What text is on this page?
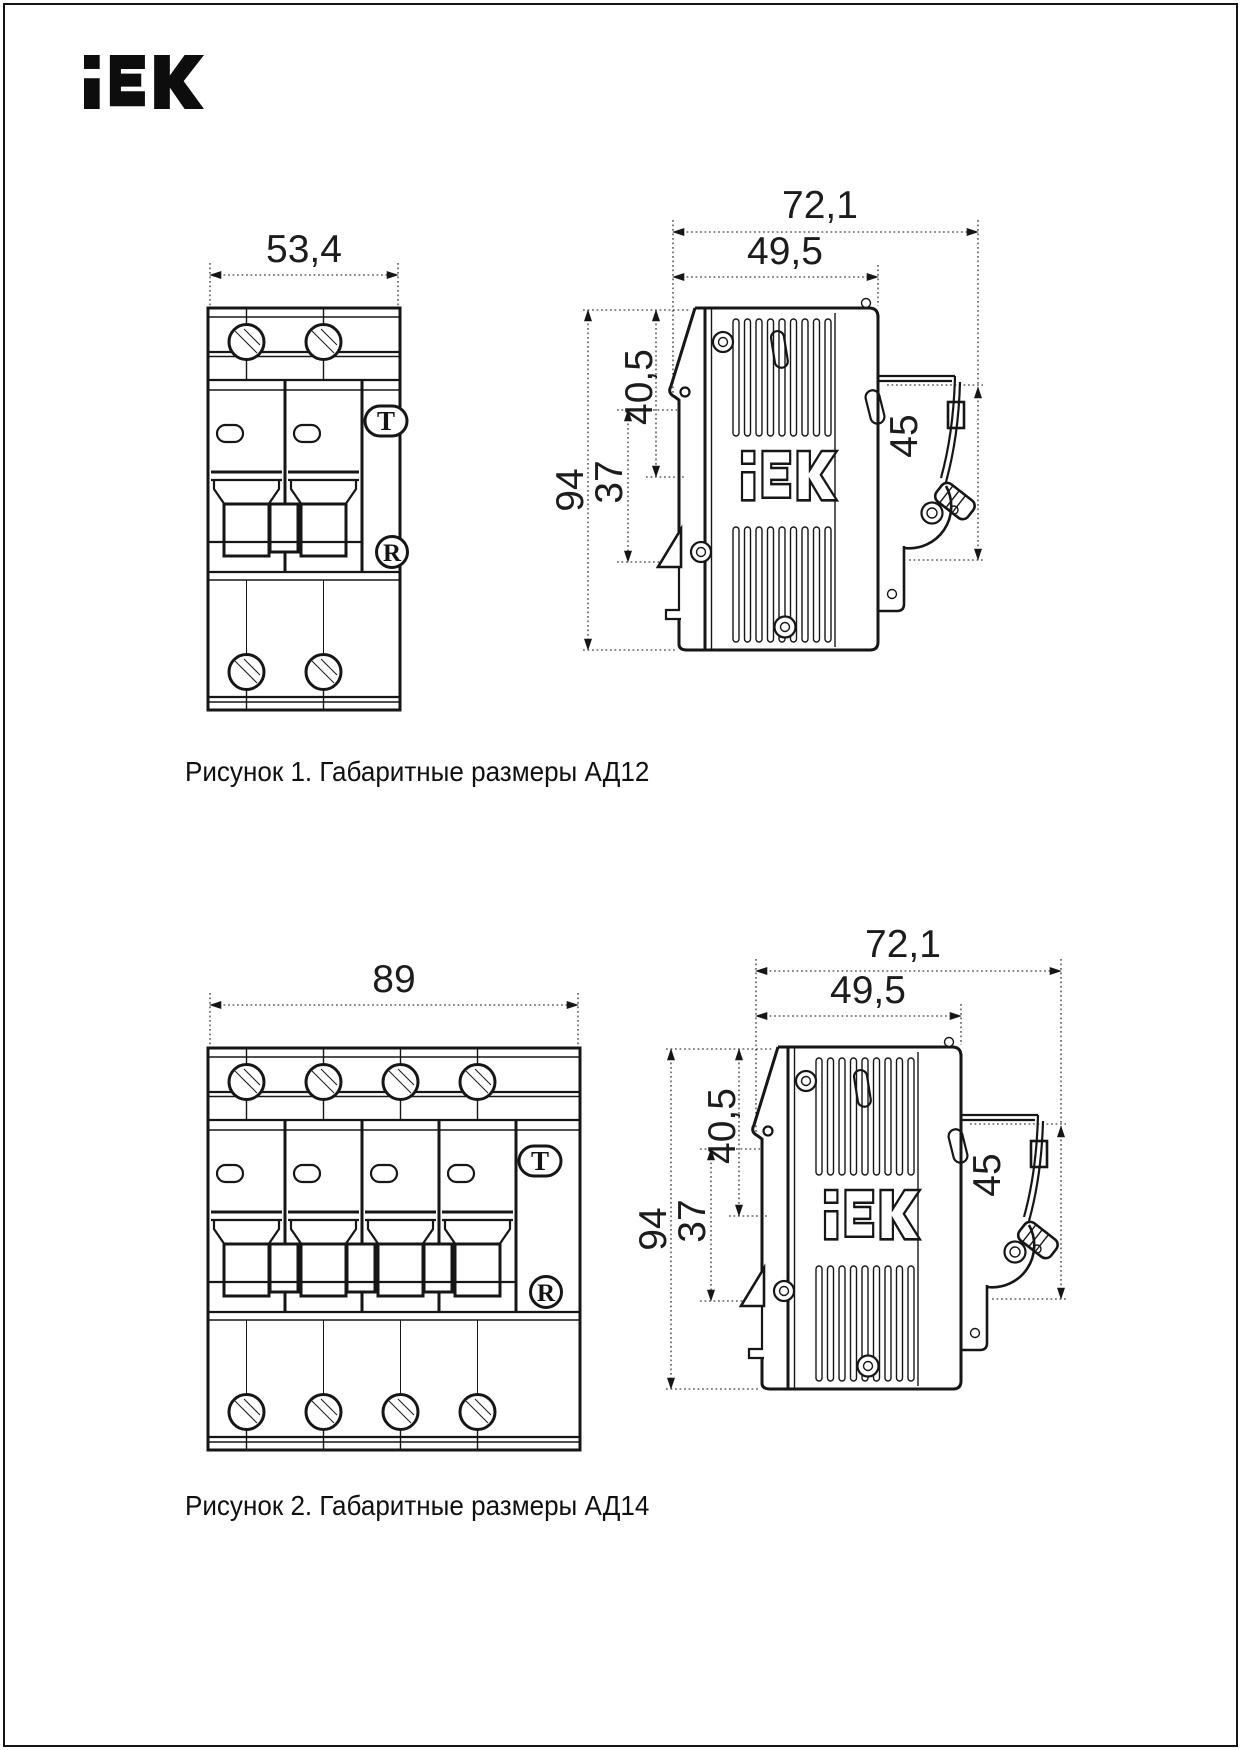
72,1
49,5
94
40,5
37
45
53,4
T
R
Рисунок 1. Габаритные размеры АД12
89
T
R
Рисунок 2. Габаритные размеры АД14
